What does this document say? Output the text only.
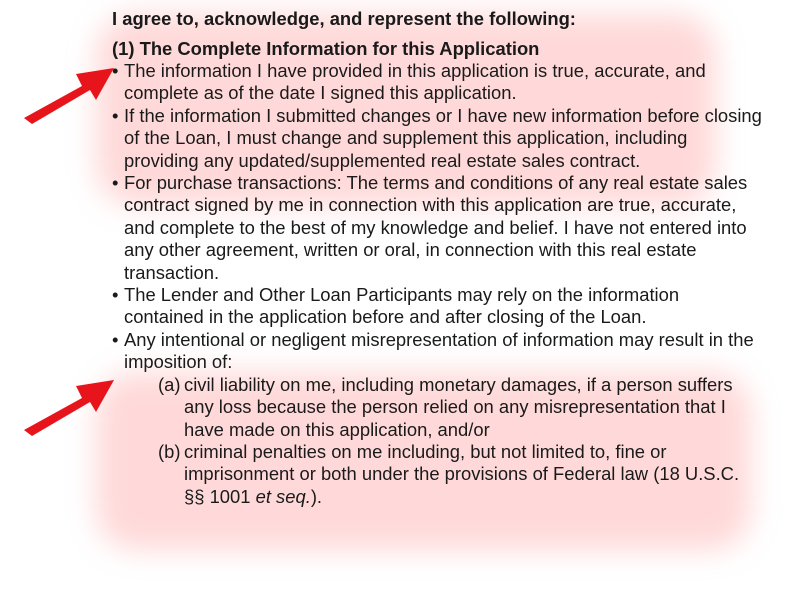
I agree to, acknowledge, and represent the following:

(1) The Complete Information for this Application

• The information I have provided in this application is true, accurate, and complete as of the date I signed this application.
• If the information I submitted changes or I have new information before closing of the Loan, I must change and supplement this application, including providing any updated/supplemented real estate sales contract.
• For purchase transactions: The terms and conditions of any real estate sales contract signed by me in connection with this application are true, accurate, and complete to the best of my knowledge and belief. I have not entered into any other agreement, written or oral, in connection with this real estate transaction.
• The Lender and Other Loan Participants may rely on the information contained in the application before and after closing of the Loan.
• Any intentional or negligent misrepresentation of information may result in the imposition of:
(a) civil liability on me, including monetary damages, if a person suffers any loss because the person relied on any misrepresentation that I have made on this application, and/or
(b) criminal penalties on me including, but not limited to, fine or imprisonment or both under the provisions of Federal law (18 U.S.C. §§ 1001 et seq.).
